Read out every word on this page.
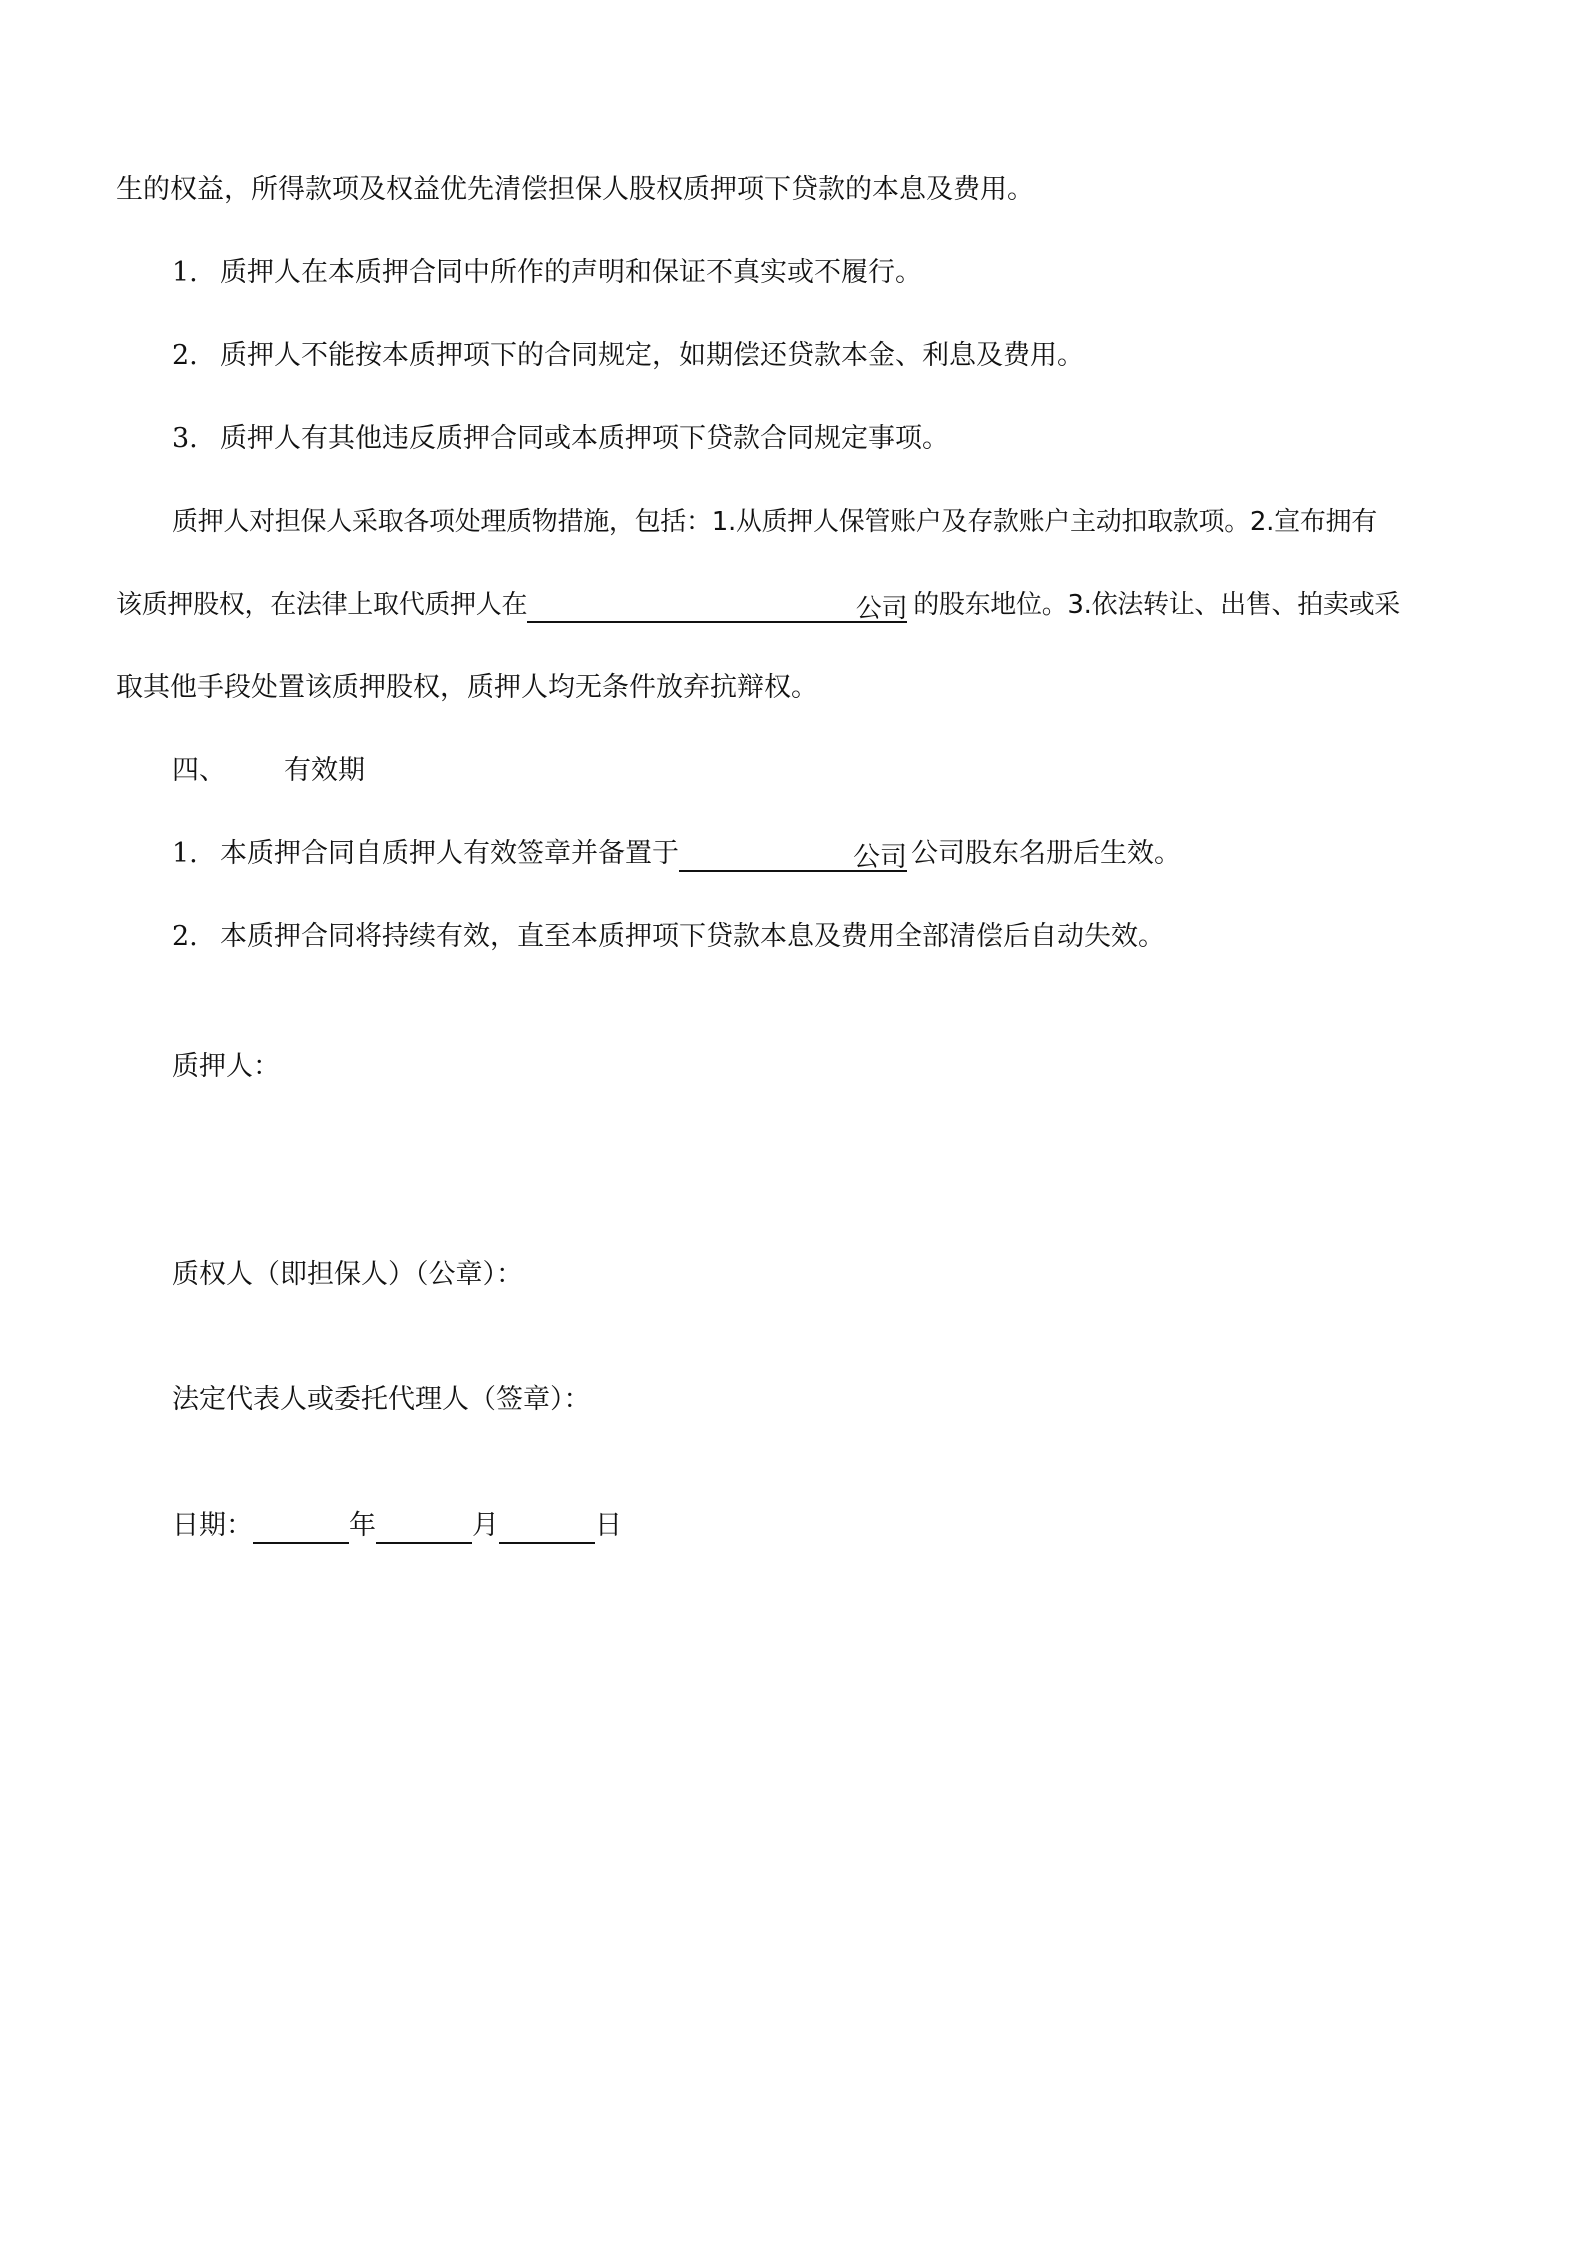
生的权益，所得款项及权益优先清偿担保人股权质押项下贷款的本息及费用。
1. 质押人在本质押合同中所作的声明和保证不真实或不履行。
2. 质押人不能按本质押项下的合同规定，如期偿还贷款本金、利息及费用。
3. 质押人有其他违反质押合同或本质押项下贷款合同规定事项。
质押人对担保人采取各项处理质物措施，包括：1.从质押人保管账户及存款账户主动扣取款项。2.宣布拥有
该质押股权，在法律上取代质押人在	公司 的股东地位。3.依法转让、出售、拍卖或采
取其他手段处置该质押股权，质押人均无条件放弃抗辩权。
四、 有效期
1. 本质押合同自质押人有效签章并备置于	公司 公司股东名册后生效。
2. 本质押合同将持续有效，直至本质押项下贷款本息及费用全部清偿后自动失效。
质押人：
质权人（即担保人）（公章）：
法定代表人或委托代理人（签章）：
日期：	年	月	日
